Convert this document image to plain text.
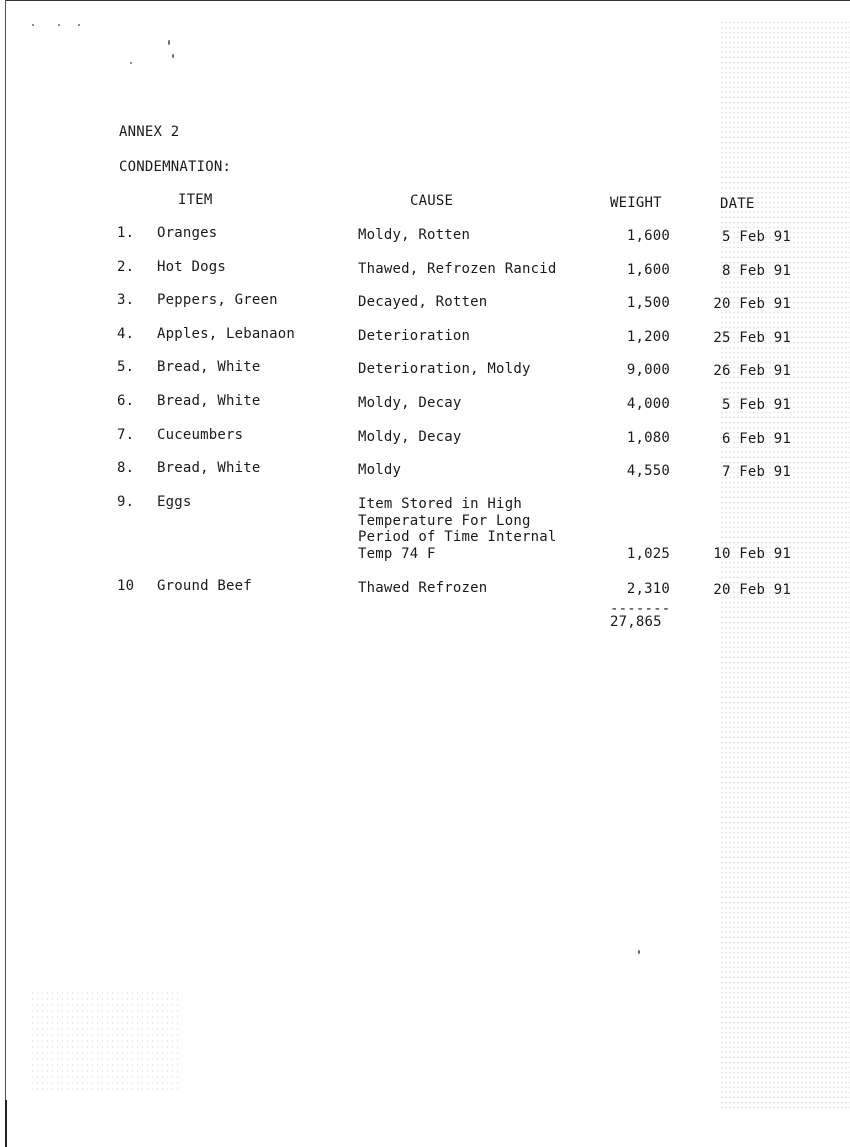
ANNEX 2
CONDEMNATION:
ITEM	CAUSE	WEIGHT	DATE
1. Oranges	Moldy, Rotten	1,600	5 Feb 91
2. Hot Dogs	Thawed, Refrozen Rancid	1,600	8 Feb 91
3. Peppers, Green	Decayed, Rotten	1,500	20 Feb 91
4. Apples, Lebanaon	Deterioration	1,200	25 Feb 91
5. Bread, White	Deterioration, Moldy	9,000	26 Feb 91
6. Bread, White	Moldy, Decay	4,000	5 Feb 91
7. Cuceumbers	Moldy, Decay	1,080	6 Feb 91
8. Bread, White	Moldy	4,550	7 Feb 91
9. Eggs	Item Stored in High
Temperature For Long
Period of Time Internal
Temp 74 F	1,025	10 Feb 91
10 Ground Beef	Thawed Refrozen	2,310	20 Feb 91
-------
27,865
